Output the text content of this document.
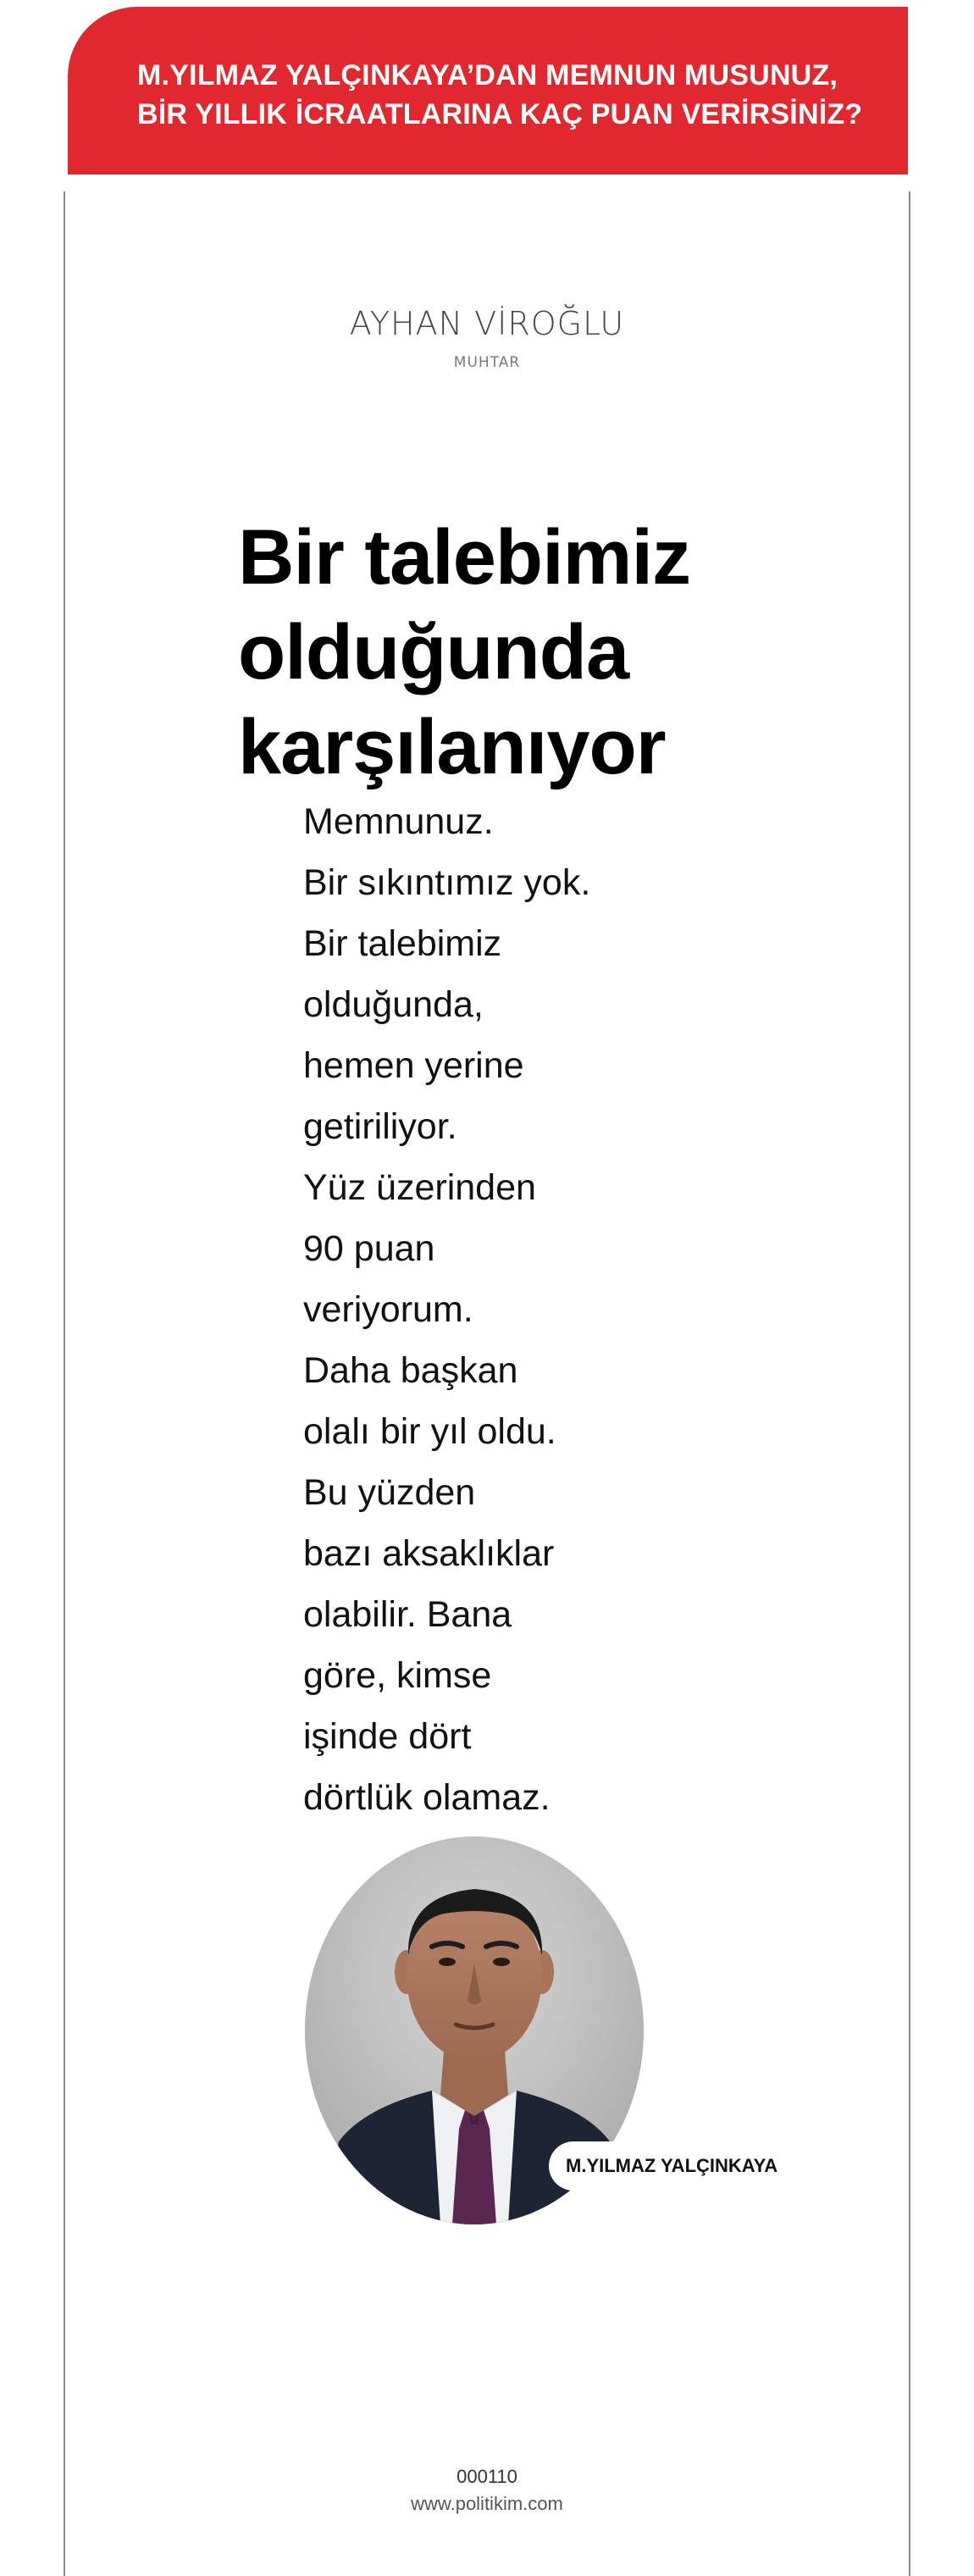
M.YILMAZ YALÇINKAYA’DAN MEMNUN MUSUNUZ,
BİR YILLIK İCRAATLARINA KAÇ PUAN VERİRSİNİZ?
AYHAN VİROĞLU
MUHTAR
Bir talebimiz
olduğunda
karşılanıyor
Memnunuz.
Bir sıkıntımız yok.
Bir talebimiz
olduğunda,
hemen yerine
getiriliyor.
Yüz üzerinden
90 puan
veriyorum.
Daha başkan
olalı bir yıl oldu.
Bu yüzden
bazı aksaklıklar
olabilir. Bana
göre, kimse
işinde dört
dörtlük olamaz.
M.YILMAZ YALÇINKAYA
000110
www.politikim.com
